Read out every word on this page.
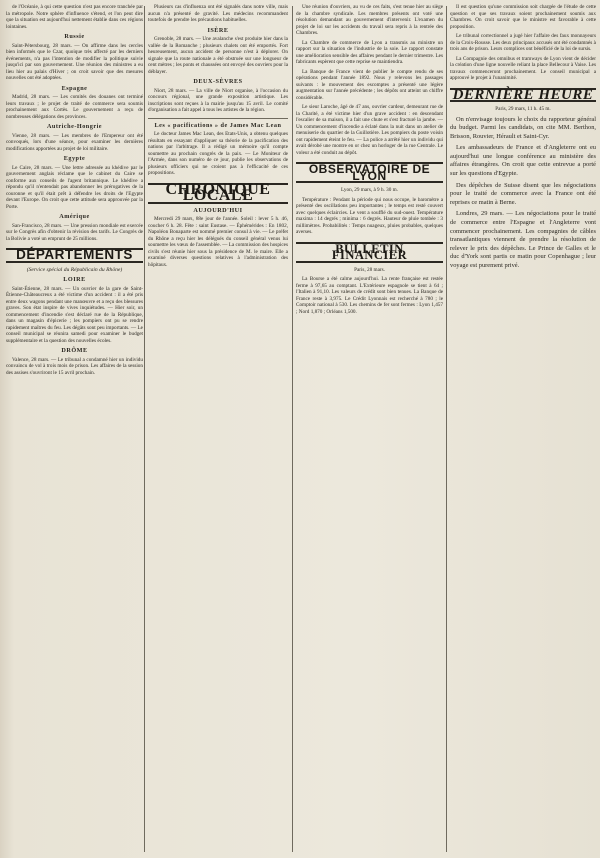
de l'Océanie, à qui cette question n'est pas encore tranchée par la métropole. Notre sphère d'influence s'étend, et l'on peut dire que la situation est aujourd'hui nettement établie dans ces régions lointaines.

Russie

Saint-Pétersbourg, 28 mars. — On affirme dans les cercles bien informés que le Czar, quoique très affecté par les derniers événements, n'a pas l'intention de modifier la politique suivie jusqu'ici par son gouvernement. Une réunion des ministres a eu lieu hier au palais d'Hiver ; on croit savoir que des mesures nouvelles ont été adoptées.

Espagne

Madrid, 28 mars. — Les comités des douanes ont terminé leurs travaux ; le projet de traité de commerce sera soumis prochainement aux Cortès. Le gouvernement a reçu de nombreuses délégations des provinces.

Autriche-Hongrie

Vienne, 28 mars. — Les membres de l'Empereur ont été convoqués, lors d'une séance, pour examiner les dernières modifications apportées au projet de loi militaire.

Egypte

Le Caire, 28 mars. — Une lettre adressée au khédive par le gouvernement anglais réclame que le cabinet du Caire se conforme aux conseils de l'agent britannique. Le khédive a répondu qu'il n'entendait pas abandonner les prérogatives de la couronne et qu'il était prêt à défendre les droits de l'Egypte devant l'Europe. On croit que cette attitude sera approuvée par la Porte.

Amérique

San-Francisco, 28 mars. — Une pression mondiale est exercée sur le Congrès afin d'obtenir la révision des tarifs. Le Congrès de la Bolivie a voté un emprunt de 25 millions.

DÉPARTEMENTS

(Service spécial du Républicain du Rhône)

LOIRE

Saint-Étienne, 28 mars. — Un ouvrier de la gare de Saint-Étienne-Châteaucreux a été victime d'un accident : il a été pris entre deux wagons pendant une manœuvre et a reçu des blessures graves. Son état inspire de vives inquiétudes. — Hier soir, un commencement d'incendie s'est déclaré rue de la République, dans un magasin d'épicerie ; les pompiers ont pu se rendre rapidement maîtres du feu. Les dégâts sont peu importants. — Le conseil municipal se réunira samedi pour examiner le budget supplémentaire et la question des nouvelles écoles.

DRÔME

Valence, 28 mars. — Le tribunal a condamné hier un individu convaincu de vol à trois mois de prison. Les affaires de la session des assises s'ouvriront le 15 avril prochain.

Plusieurs cas d'influenza ont été signalés dans notre ville, mais aucun n'a présenté de gravité. Les médecins recommandent toutefois de prendre les précautions habituelles.

ISÈRE

Grenoble, 28 mars. — Une avalanche s'est produite hier dans la vallée de la Romanche ; plusieurs chalets ont été emportés. Fort heureusement, aucun accident de personne n'est à déplorer. On signale que la route nationale a été obstruée sur une longueur de cent mètres ; les ponts et chaussées ont envoyé des ouvriers pour la déblayer.

DEUX-SÈVRES

Niort, 28 mars. — La ville de Niort organise, à l'occasion du concours régional, une grande exposition artistique. Les inscriptions sont reçues à la mairie jusqu'au 15 avril. Le comité d'organisation a fait appel à tous les artistes de la région.

Les « pacifications » de James Mac Lean

Le docteur James Mac Lean, des Etats-Unis, a obtenu quelques résultats en essayant d'appliquer sa théorie de la pacification des nations par l'arbitrage. Il a rédigé un mémoire qu'il compte soumettre au prochain congrès de la paix. — Le Moniteur de l'Armée, dans son numéro de ce jour, publie les observations de plusieurs officiers qui ne croient pas à l'efficacité de ces propositions.

CHRONIQUE LOCALE

AUJOURD'HUI

Mercredi 29 mars, 88e jour de l'année. Soleil : lever 5 h. 46, coucher 6 h. 28. Fête : saint Eustase. — Éphémérides : En 1802, Napoléon Bonaparte est nommé premier consul à vie. — Le préfet du Rhône a reçu hier les délégués du conseil général venus lui soumettre les vœux de l'assemblée. — La commission des hospices civils s'est réunie hier sous la présidence de M. le maire. Elle a examiné diverses questions relatives à l'administration des hôpitaux.

Une réunion d'ouvriers, au vu de ces faits, s'est tenue hier au siège de la chambre syndicale. Les membres présents ont voté une résolution demandant au gouvernement d'intervenir. L'examen du projet de loi sur les accidents du travail sera repris à la rentrée des Chambres.

La Chambre de commerce de Lyon a transmis au ministre un rapport sur la situation de l'industrie de la soie. Le rapport constate une amélioration sensible des affaires pendant le dernier trimestre. Les fabricants espèrent que cette reprise se maintiendra.

La Banque de France vient de publier le compte rendu de ses opérations pendant l'année 1892. Nous y relevons les passages suivants : le mouvement des escomptes a présenté une légère augmentation sur l'année précédente ; les dépôts ont atteint un chiffre considérable.

Le sieur Laroche, âgé de 47 ans, ouvrier cardeur, demeurant rue de la Charité, a été victime hier d'un grave accident : en descendant l'escalier de sa maison, il a fait une chute et s'est fracturé la jambe. — Un commencement d'incendie a éclaté dans la nuit dans un atelier de menuiserie du quartier de la Guillotière. Les pompiers du poste voisin ont rapidement éteint le feu. — La police a arrêté hier un individu qui avait dérobé une montre en or chez un horloger de la rue Centrale. Le voleur a été conduit au dépôt.

OBSERVATOIRE DE LYON

Lyon, 29 mars, à 9 h. 30 m.

Température : Pendant la période qui nous occupe, le baromètre a présenté des oscillations peu importantes ; le temps est resté couvert avec quelques éclaircies. Le vent a soufflé du sud-ouest. Température maxima : 14 degrés ; minima : 6 degrés. Hauteur de pluie tombée : 3 millimètres. Probabilités : Temps nuageux, pluies probables, quelques averses.

BULLETIN FINANCIER

Paris, 28 mars.

La Bourse a été calme aujourd'hui. La rente française est restée ferme à 97,65 au comptant. L'Extérieure espagnole se tient à 64 ; l'Italien à 91,10. Les valeurs de crédit sont bien tenues. La Banque de France reste à 3,975. Le Crédit Lyonnais est recherché à 780 ; le Comptoir national à 530. Les chemins de fer sont fermes : Lyon 1,457 ; Nord 1,870 ; Orléans 1,500.

Il est question qu'une commission soit chargée de l'étude de cette question et que ses travaux soient prochainement soumis aux Chambres. On croit savoir que le ministre est favorable à cette proposition.

Le tribunal correctionnel a jugé hier l'affaire des faux monnayeurs de la Croix-Rousse. Les deux principaux accusés ont été condamnés à trois ans de prison. Leurs complices ont bénéficié de la loi de sursis.

La Compagnie des omnibus et tramways de Lyon vient de décider la création d'une ligne nouvelle reliant la place Bellecour à Vaise. Les travaux commenceront prochainement. Le conseil municipal a approuvé le projet à l'unanimité.

DERNIÈRE HEURE

Paris, 29 mars, 11 h. 45 m.

On n'envisage toujours le choix du rapporteur général du budget. Parmi les candidats, on cite MM. Berthon, Brisson, Rouvier, Hérault et Saint-Cyr.

Les ambassadeurs de France et d'Angleterre ont eu aujourd'hui une longue conférence au ministère des affaires étrangères. On croit que cette entrevue a porté sur les questions d'Egypte.

Des dépêches de Suisse disent que les négociations pour le traité de commerce avec la France ont été reprises ce matin à Berne.

Londres, 29 mars. — Les négociations pour le traité de commerce entre l'Espagne et l'Angleterre vont commencer prochainement. Les compagnies de câbles transatlantiques viennent de prendre la résolution de relever le prix des dépêches. Le Prince de Galles et le duc d'York sont partis ce matin pour Copenhague ; leur voyage est purement privé.
